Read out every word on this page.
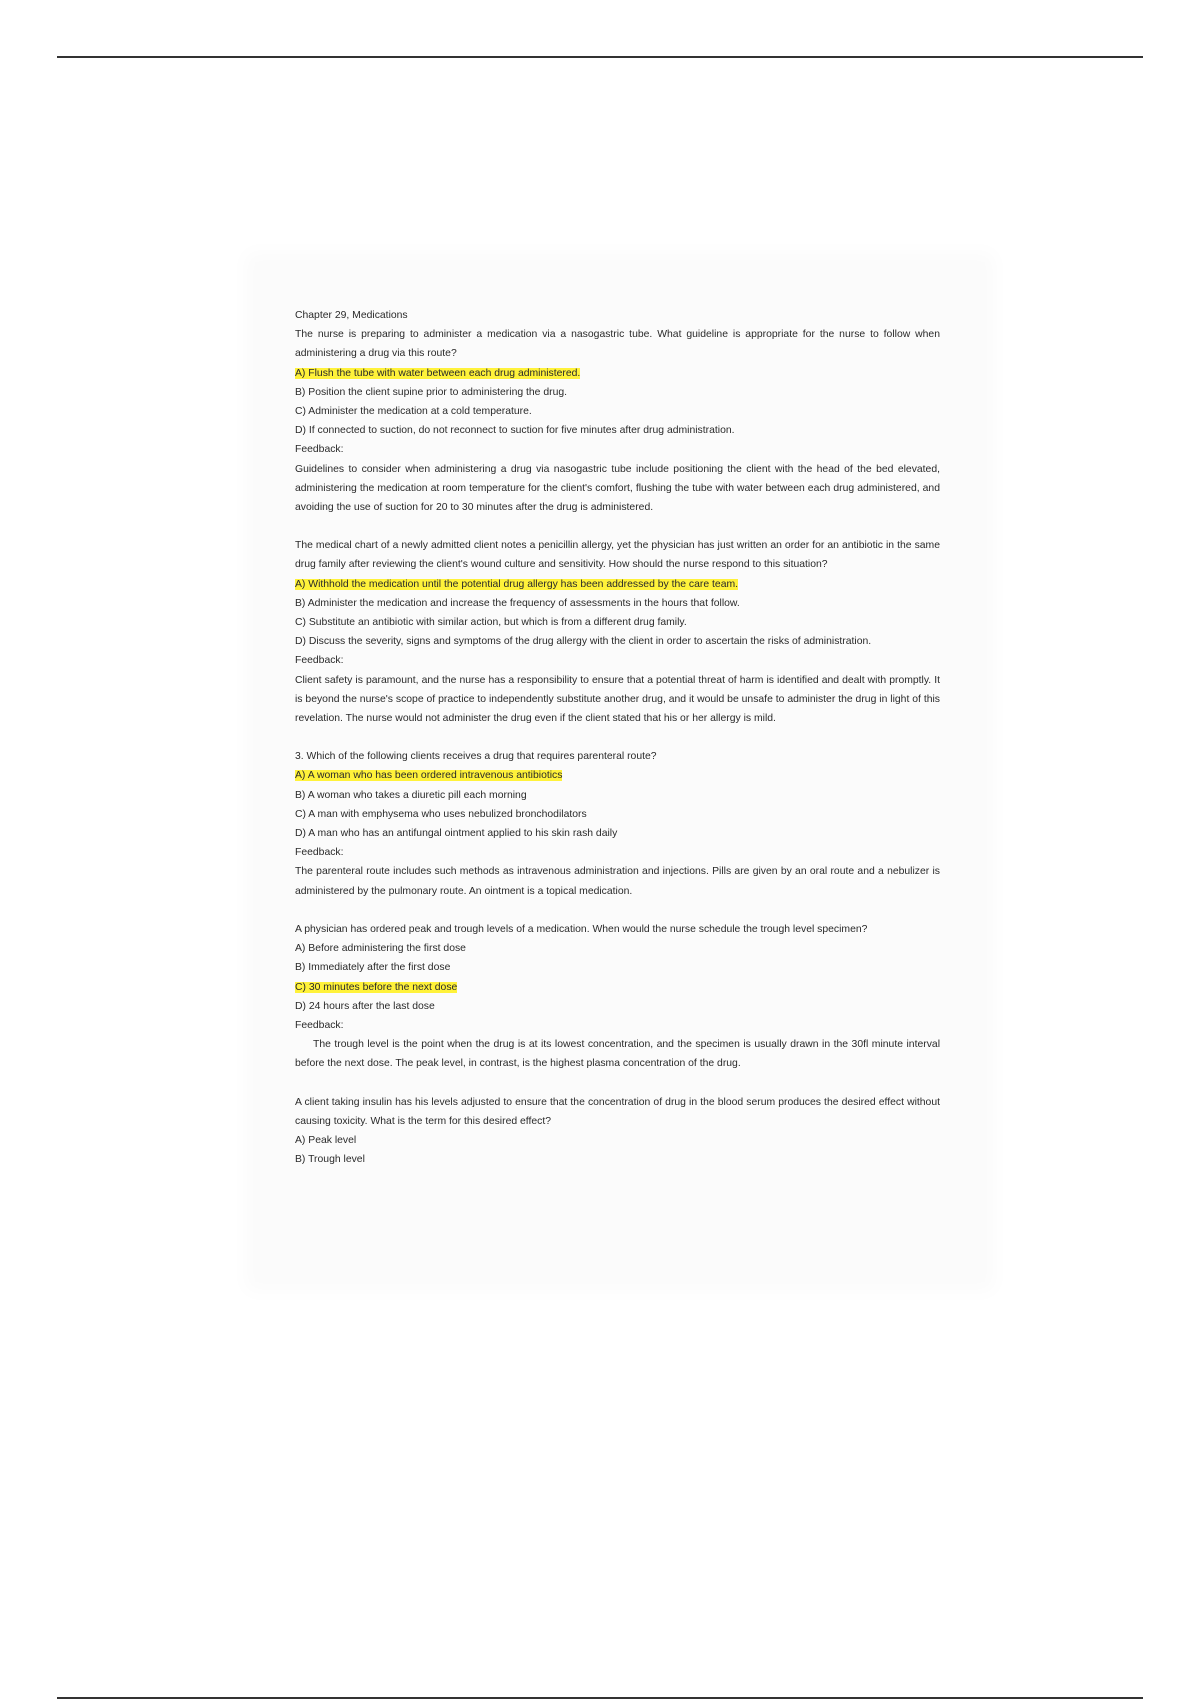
Chapter 29, Medications

The nurse is preparing to administer a medication via a nasogastric tube. What guideline is appropriate for the nurse to follow when administering a drug via this route?

A) Flush the tube with water between each drug administered.

B) Position the client supine prior to administering the drug.

C) Administer the medication at a cold temperature.

D) If connected to suction, do not reconnect to suction for five minutes after drug administration.

Feedback:

Guidelines to consider when administering a drug via nasogastric tube include positioning the client with the head of the bed elevated, administering the medication at room temperature for the client's comfort, flushing the tube with water between each drug administered, and avoiding the use of suction for 20 to 30 minutes after the drug is administered.

The medical chart of a newly admitted client notes a penicillin allergy, yet the physician has just written an order for an antibiotic in the same drug family after reviewing the client's wound culture and sensitivity. How should the nurse respond to this situation?

A) Withhold the medication until the potential drug allergy has been addressed by the care team.

B) Administer the medication and increase the frequency of assessments in the hours that follow.

C) Substitute an antibiotic with similar action, but which is from a different drug family.

D) Discuss the severity, signs and symptoms of the drug allergy with the client in order to ascertain the risks of administration.

Feedback:

Client safety is paramount, and the nurse has a responsibility to ensure that a potential threat of harm is identified and dealt with promptly. It is beyond the nurse's scope of practice to independently substitute another drug, and it would be unsafe to administer the drug in light of this revelation. The nurse would not administer the drug even if the client stated that his or her allergy is mild.

3. Which of the following clients receives a drug that requires parenteral route?

A) A woman who has been ordered intravenous antibiotics

B) A woman who takes a diuretic pill each morning

C) A man with emphysema who uses nebulized bronchodilators

D) A man who has an antifungal ointment applied to his skin rash daily

Feedback:

The parenteral route includes such methods as intravenous administration and injections. Pills are given by an oral route and a nebulizer is administered by the pulmonary route. An ointment is a topical medication.

A physician has ordered peak and trough levels of a medication. When would the nurse schedule the trough level specimen?

A) Before administering the first dose

B) Immediately after the first dose

C) 30 minutes before the next dose

D) 24 hours after the last dose

Feedback:

The trough level is the point when the drug is at its lowest concentration, and the specimen is usually drawn in the 30fl minute interval before the next dose. The peak level, in contrast, is the highest plasma concentration of the drug.

A client taking insulin has his levels adjusted to ensure that the concentration of drug in the blood serum produces the desired effect without causing toxicity. What is the term for this desired effect?

A) Peak level

B) Trough level
